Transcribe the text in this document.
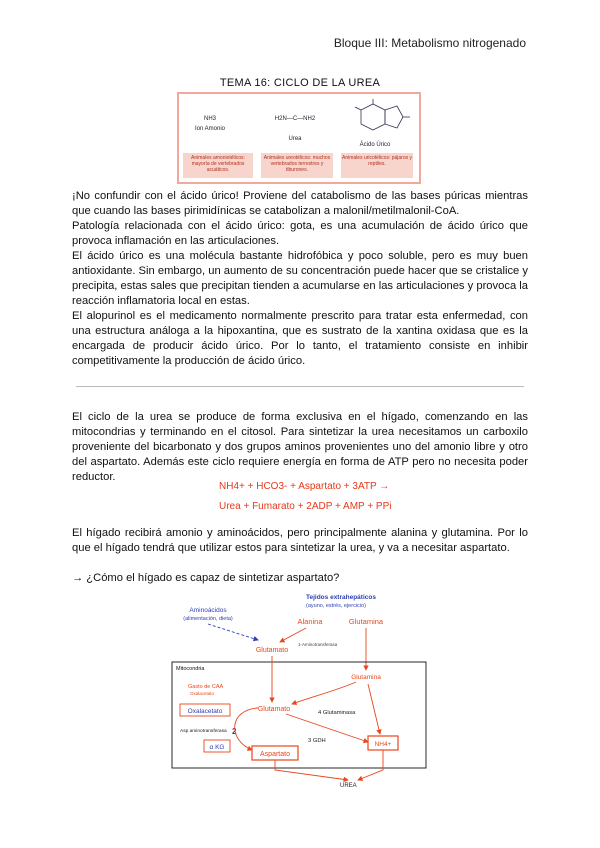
Bloque III: Metabolismo nitrogenado
TEMA 16: CICLO DE LA UREA
NH3
Ion Amonio
H2N—C—NH2
Urea
Ácido Úrico
Animales amoniotélicos: mayoría de vertebrados acuáticos.
Animales ureotélicos: muchos vertebrados terrestres y tiburones.
Animales uricotélicos: pájaros y reptiles.

¡No confundir con el ácido úrico! Proviene del catabolismo de las bases púricas mientras que cuando las bases pirimidínicas se catabolizan a malonil/metilmalonil-CoA.

Patología relacionada con el ácido úrico: gota, es una acumulación de ácido úrico que provoca inflamación en las articulaciones.

El ácido úrico es una molécula bastante hidrofóbica y poco soluble, pero es muy buen antioxidante. Sin embargo, un aumento de su concentración puede hacer que se cristalice y precipita, estas sales que precipitan tienden a acumularse en las articulaciones y provoca la reacción inflamatoria local en estas.

El alopurinol es el medicamento normalmente prescrito para tratar esta enfermedad, con una estructura análoga a la hipoxantina, que es sustrato de la xantina oxidasa que es la encargada de producir ácido úrico. Por lo tanto, el tratamiento consiste en inhibir competitivamente la producción de ácido úrico.

El ciclo de la urea se produce de forma exclusiva en el hígado, comenzando en las mitocondrias y terminando en el citosol. Para sintetizar la urea necesitamos un carboxilo proveniente del bicarbonato y dos grupos aminos provenientes uno del amonio libre y otro del aspartato. Además este ciclo requiere energía en forma de ATP pero no necesita poder reductor.
NH4+ + HCO3- + Aspartato + 3ATP →
Urea + Fumarato + 2ADP + AMP + PPi
El hígado recibirá amonio y aminoácidos, pero principalmente alanina y glutamina. Por lo que el hígado tendrá que utilizar estos para sintetizar la urea, y va a necesitar aspartato.
→ ¿Cómo el hígado es capaz de sintetizar aspartato?
Tejidos extrahepáticos
(ayuno, estrés, ejercicio)
Aminoácidos
(alimentación, dieta)	Alanina	Glutamina
1-Aminotransferasa
Glutamato
Mitocondria
Gasto de CAA
Oxalacetato
Oxalacetato	Glutamato
Asp aminotransferasa 2
α KG
Aspartato
Glutamina
4 Glutaminasa
3 GDH	NH4+
UREA
